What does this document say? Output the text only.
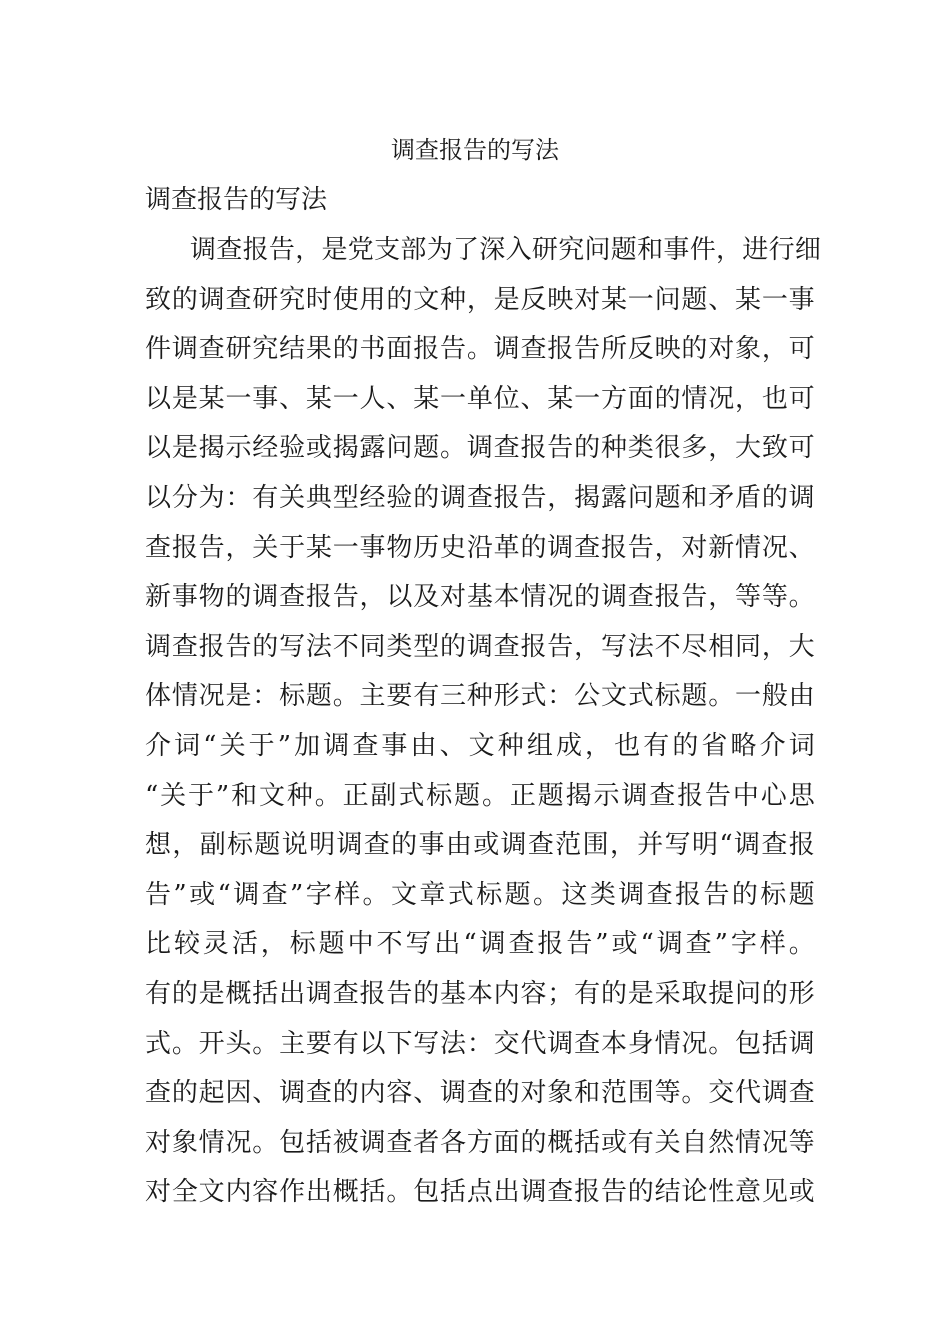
调查报告的写法
调查报告的写法
调查报告，是党支部为了深入研究问题和事件，进行细
致的调查研究时使用的文种，是反映对某一问题、某一事
件调查研究结果的书面报告。调查报告所反映的对象，可
以是某一事、某一人、某一单位、某一方面的情况，也可
以是揭示经验或揭露问题。调查报告的种类很多，大致可
以分为：有关典型经验的调查报告，揭露问题和矛盾的调
查报告，关于某一事物历史沿革的调查报告，对新情况、
新事物的调查报告，以及对基本情况的调查报告，等等。
调查报告的写法不同类型的调查报告，写法不尽相同，大
体情况是：标题。主要有三种形式：公文式标题。一般由
介词“关于”加调查事由、文种组成，也有的省略介词
“关于”和文种。正副式标题。正题揭示调查报告中心思
想，副标题说明调查的事由或调查范围，并写明“调查报
告”或“调查”字样。文章式标题。这类调查报告的标题
比较灵活，标题中不写出“调查报告”或“调查”字样。
有的是概括出调查报告的基本内容；有的是采取提问的形
式。开头。主要有以下写法：交代调查本身情况。包括调
查的起因、调查的内容、调查的对象和范围等。交代调查
对象情况。包括被调查者各方面的概括或有关自然情况等
对全文内容作出概括。包括点出调查报告的结论性意见或
